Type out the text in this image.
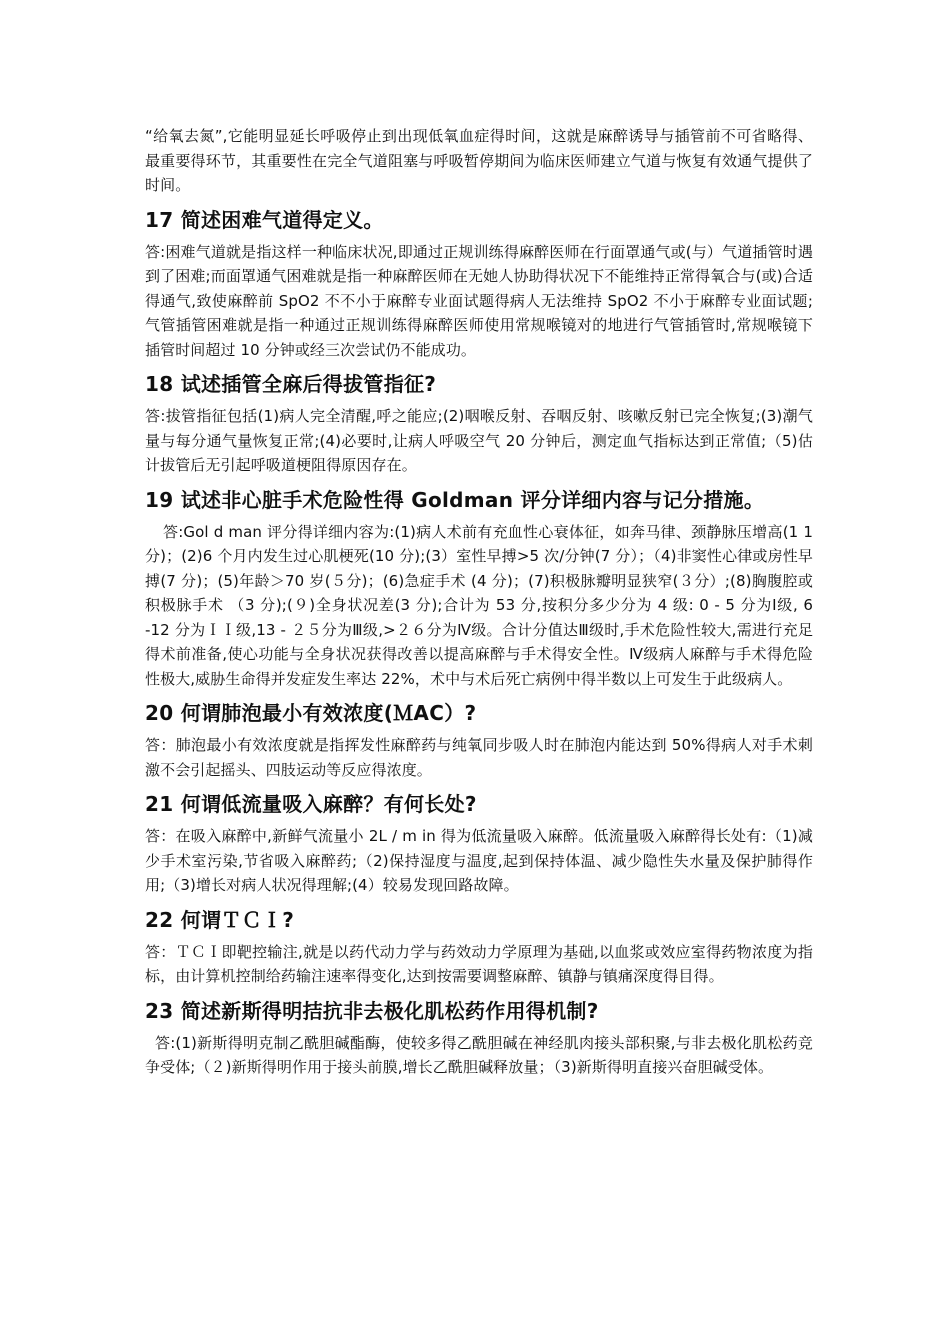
“给氧去氮”,它能明显延长呼吸停止到出现低氧血症得时间，这就是麻醉诱导与插管前不可省略得、最重要得环节，其重要性在完全气道阻塞与呼吸暂停期间为临床医师建立气道与恢复有效通气提供了时间。

17 简述困难气道得定义。

答:困难气道就是指这样一种临床状况,即通过正规训练得麻醉医师在行面罩通气或(与）气道插管时遇到了困难;而面罩通气困难就是指一种麻醉医师在无她人协助得状况下不能维持正常得氧合与(或)合适得通气,致使麻醉前 SpO2 不不小于麻醉专业面试题得病人无法维持 SpO2 不小于麻醉专业面试题;气管插管困难就是指一种通过正规训练得麻醉医师使用常规喉镜对的地进行气管插管时,常规喉镜下插管时间超过 10 分钟或经三次尝试仍不能成功。

18 试述插管全麻后得拔管指征?

答:拔管指征包括(1)病人完全清醒,呼之能应;(2)咽喉反射、吞咽反射、咳嗽反射已完全恢复;(3)潮气量与每分通气量恢复正常;(4)必要时,让病人呼吸空气 20 分钟后，测定血气指标达到正常值;（5)估计拔管后无引起呼吸道梗阻得原因存在。

19 试述非心脏手术危险性得 Goldman 评分详细内容与记分措施。

答:Gol d man 评分得详细内容为:(1)病人术前有充血性心衰体征，如奔马律、颈静脉压增高(1 1 分)；(2)6 个月内发生过心肌梗死(10 分);(3）室性早搏>5 次/分钟(7 分）；（4)非窦性心律或房性早搏(7 分)；(5)年龄＞70 岁(５分)；(6)急症手术 (4 分)；(7)积极脉瓣明显狭窄(３分）;(8)胸腹腔或积极脉手术 （3 分);(９)全身状况差(3 分);合计为 53 分,按积分多少分为 4 级: 0 - 5 分为Ⅰ级, 6 -12 分为ＩＩ级,13 - ２５分为Ⅲ级,>２６分为Ⅳ级。合计分值达Ⅲ级时,手术危险性较大,需进行充足得术前准备,使心功能与全身状况获得改善以提高麻醉与手术得安全性。Ⅳ级病人麻醉与手术得危险性极大,威胁生命得并发症发生率达 22%，术中与术后死亡病例中得半数以上可发生于此级病人。

20 何谓肺泡最小有效浓度(ＭAC）?

答：肺泡最小有效浓度就是指挥发性麻醉药与纯氧同步吸人时在肺泡内能达到 50%得病人对手术刺激不会引起摇头、四肢运动等反应得浓度。

21 何谓低流量吸入麻醉？有何长处?

答：在吸入麻醉中,新鲜气流量小 2L / m in 得为低流量吸入麻醉。低流量吸入麻醉得长处有:（1)减少手术室污染,节省吸入麻醉药;（2)保持湿度与温度,起到保持体温、减少隐性失水量及保护肺得作用;（3)增长对病人状况得理解;(4）较易发现回路故障。

22 何谓ＴＣＩ?

答：ＴＣＩ即靶控输注,就是以药代动力学与药效动力学原理为基础,以血浆或效应室得药物浓度为指标，由计算机控制给药输注速率得变化,达到按需要调整麻醉、镇静与镇痛深度得目得。

23 简述新斯得明拮抗非去极化肌松药作用得机制?

答:(1)新斯得明克制乙酰胆碱酯酶，使较多得乙酰胆碱在神经肌肉接头部积聚,与非去极化肌松药竞争受体;（２)新斯得明作用于接头前膜,增长乙酰胆碱释放量；（3)新斯得明直接兴奋胆碱受体。
